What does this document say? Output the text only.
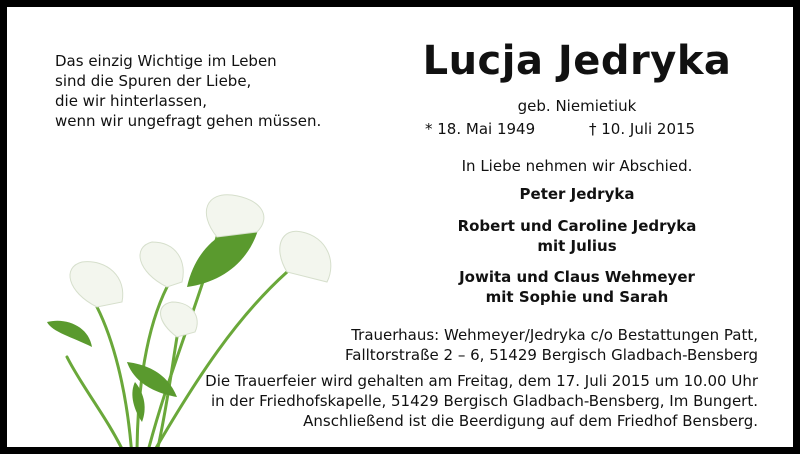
Das einzig Wichtige im Leben
sind die Spuren der Liebe,
die wir hinterlassen,
wenn wir ungefragt gehen müssen.
Lucja Jedryka
geb. Niemietiuk
* 18. Mai 1949	† 10. Juli 2015
In Liebe nehmen wir Abschied.
Peter Jedryka
Robert und Caroline Jedryka
mit Julius
Jowita und Claus Wehmeyer
mit Sophie und Sarah
Trauerhaus: Wehmeyer/Jedryka c/o Bestattungen Patt,
Falltorstraße 2 – 6, 51429 Bergisch Gladbach-Bensberg
Die Trauerfeier wird gehalten am Freitag, dem 17. Juli 2015 um 10.00 Uhr
in der Friedhofskapelle, 51429 Bergisch Gladbach-Bensberg, Im Bungert.
Anschließend ist die Beerdigung auf dem Friedhof Bensberg.
